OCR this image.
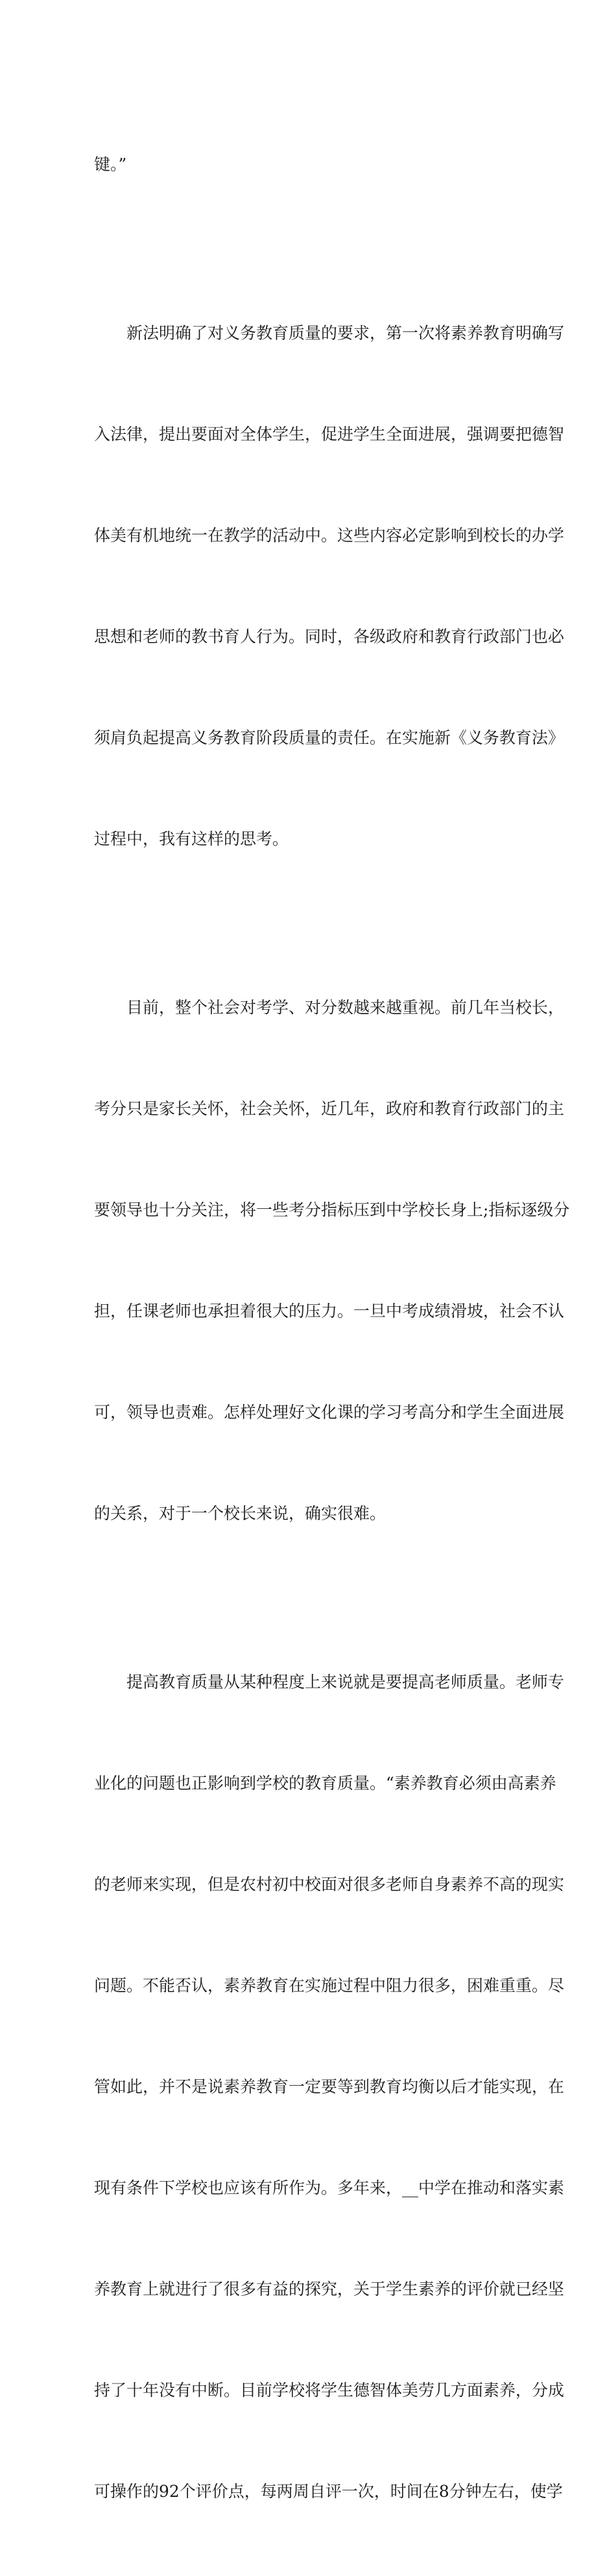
键。”

新法明确了对义务教育质量的要求，第一次将素养教育明确写

入法律，提出要面对全体学生，促进学生全面进展，强调要把德智

体美有机地统一在教学的活动中。这些内容必定影响到校长的办学

思想和老师的教书育人行为。同时，各级政府和教育行政部门也必

须肩负起提高义务教育阶段质量的责任。在实施新《义务教育法》

过程中，我有这样的思考。

目前，整个社会对考学、对分数越来越重视。前几年当校长，

考分只是家长关怀，社会关怀，近几年，政府和教育行政部门的主

要领导也十分关注，将一些考分指标压到中学校长身上;指标逐级分

担，任课老师也承担着很大的压力。一旦中考成绩滑坡，社会不认

可，领导也责难。怎样处理好文化课的学习考高分和学生全面进展

的关系，对于一个校长来说，确实很难。

提高教育质量从某种程度上来说就是要提高老师质量。老师专

业化的问题也正影响到学校的教育质量。“素养教育必须由高素养

的老师来实现，但是农村初中校面对很多老师自身素养不高的现实

问题。不能否认，素养教育在实施过程中阻力很多，困难重重。尽

管如此，并不是说素养教育一定要等到教育均衡以后才能实现，在

现有条件下学校也应该有所作为。多年来，__中学在推动和落实素

养教育上就进行了很多有益的探究，关于学生素养的评价就已经坚

持了十年没有中断。目前学校将学生德智体美劳几方面素养，分成

可操作的92个评价点，每两周自评一次，时间在8分钟左右，使学
